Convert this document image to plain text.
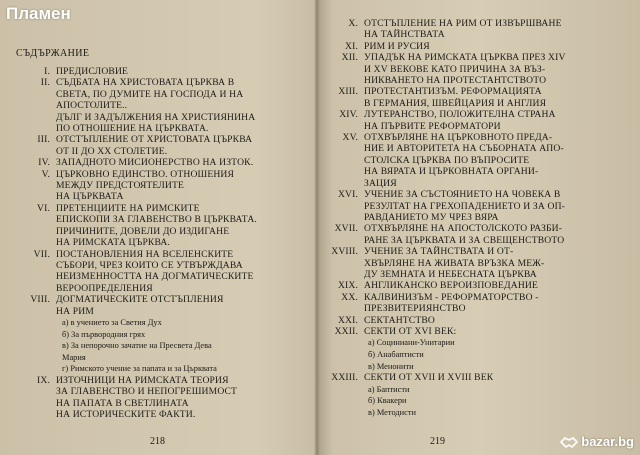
СЪДЪРЖАНИЕ
I. ПРЕДИСЛОВИЕ
II. СЪДБАТА НА ХРИСТОВАТА ЦЪРКВА В
СВЕТА, ПО ДУМИТЕ НА ГОСПОДА И НА
АПОСТОЛИТЕ..
ДЪЛГ И ЗАДЪЛЖЕНИЯ НА ХРИСТИЯНИНА
ПО ОТНОШЕНИЕ НА ЦЪРКВАТА.
III. ОТСТЪПЛЕНИЕ ОТ ХРИСТОВАТА ЦЪРКВА
ОТ II ДО XX СТОЛЕТИЕ.
IV. ЗАПАДНОТО МИСИОНЕРСТВО НА ИЗТОК.
V. ЦЪРКОВНО ЕДИНСТВО. ОТНОШЕНИЯ
МЕЖДУ ПРЕДСТОЯТЕЛИТЕ
НА ЦЪРКВАТА
VI. ПРЕТЕНЦИИТЕ НА РИМСКИТЕ
ЕПИСКОПИ ЗА ГЛАВЕНСТВО В ЦЪРКВАТА.
ПРИЧИНИТЕ, ДОВЕЛИ ДО ИЗДИГАНЕ
НА РИМСКАТА ЦЪРКВА.
VII. ПОСТАНОВЛЕНИЯ НА ВСЕЛЕНСКИТЕ
СЪБОРИ, ЧРЕЗ КОИТО СЕ УТВЪРЖДАВА
НЕИЗМЕННОСТТА НА ДОГМАТИЧЕСКИТЕ
ВЕРООПРЕДЕЛЕНИЯ
VIII. ДОГМАТИЧЕСКИТЕ ОТСТЪПЛЕНИЯ
НА РИМ
а) в учението за Светия Дух
б) За първородния грях
в) За непорочно зачатие на Пресвета Дева
Мария
г) Римското учение за папата и за Църквата
IX. ИЗТОЧНИЦИ НА РИМСКАТА ТЕОРИЯ
ЗА ГЛАВЕНСТВО И НЕПОГРЕШИМОСТ
НА ПАПАТА В СВЕТЛИНАТА
НА ИСТОРИЧЕСКИТЕ ФАКТИ.
218
X. ОТСТЪПЛЕНИЕ НА РИМ ОТ ИЗВЪРШВАНЕ
НА ТАЙНСТВАТА
XI. РИМ И РУСИЯ
XII. УПАДЪК НА РИМСКАТА ЦЪРКВА ПРЕЗ XIV
И XV ВЕКОВЕ КАТО ПРИЧИНА ЗА ВЪЗ-
НИКВАНЕТО НА ПРОТЕСТАНТСТВОТО
XIII. ПРОТЕСТАНТИЗЪМ. РЕФОРМАЦИЯТА
В ГЕРМАНИЯ, ШВЕЙЦАРИЯ И АНГЛИЯ
XIV. ЛУТЕРАНСТВО, ПОЛОЖИТЕЛНА СТРАНА
НА ПЪРВИТЕ РЕФОРМАТОРИ
XV. ОТХВЪРЛЯНЕ НА ЦЪРКОВНОТО ПРЕДА-
НИЕ И АВТОРИТЕТА НА СЪБОРНАТА АПО-
СТОЛСКА ЦЪРКВА ПО ВЪПРОСИТЕ
НА ВЯРАТА И ЦЪРКОВНАТА ОРГАНИ-
ЗАЦИЯ
XVI. УЧЕНИЕ ЗА СЪСТОЯНИЕТО НА ЧОВЕКА В
РЕЗУЛТАТ НА ГРЕХОПАДЕНИЕТО И ЗА ОП-
РАВДАНИЕТО МУ ЧРЕЗ ВЯРА
XVII. ОТХВЪРЛЯНЕ НА АПОСТОЛСКОТО РАЗБИ-
РАНЕ ЗА ЦЪРКВАТА И ЗА СВЕЩЕНСТВОТО
XVIII. УЧЕНИЕ ЗА ТАЙНСТВАТА И ОТ-
ХВЪРЛЯНЕ НА ЖИВАТА ВРЪЗКА МЕЖ-
ДУ ЗЕМНАТА И НЕБЕСНАТА ЦЪРКВА
XIX. АНГЛИКАНСКО ВЕРОИЗПОВЕДАНИЕ
XX. КАЛВИНИЗЪМ - РЕФОРМАТОРСТВО -
ПРЕЗВИТЕРИЯНСТВО
XXI. СЕКТАНТСТВО
XXII. СЕКТИ ОТ XVI ВЕК:
а) Социниани-Унитарии
б) Анабаптисти
в) Менонити
XXIII. СЕКТИ ОТ XVII И XVIII ВЕК
а) Баптисти
б) Квакери
в) Методисти
219
Пламен
bazar.bg
